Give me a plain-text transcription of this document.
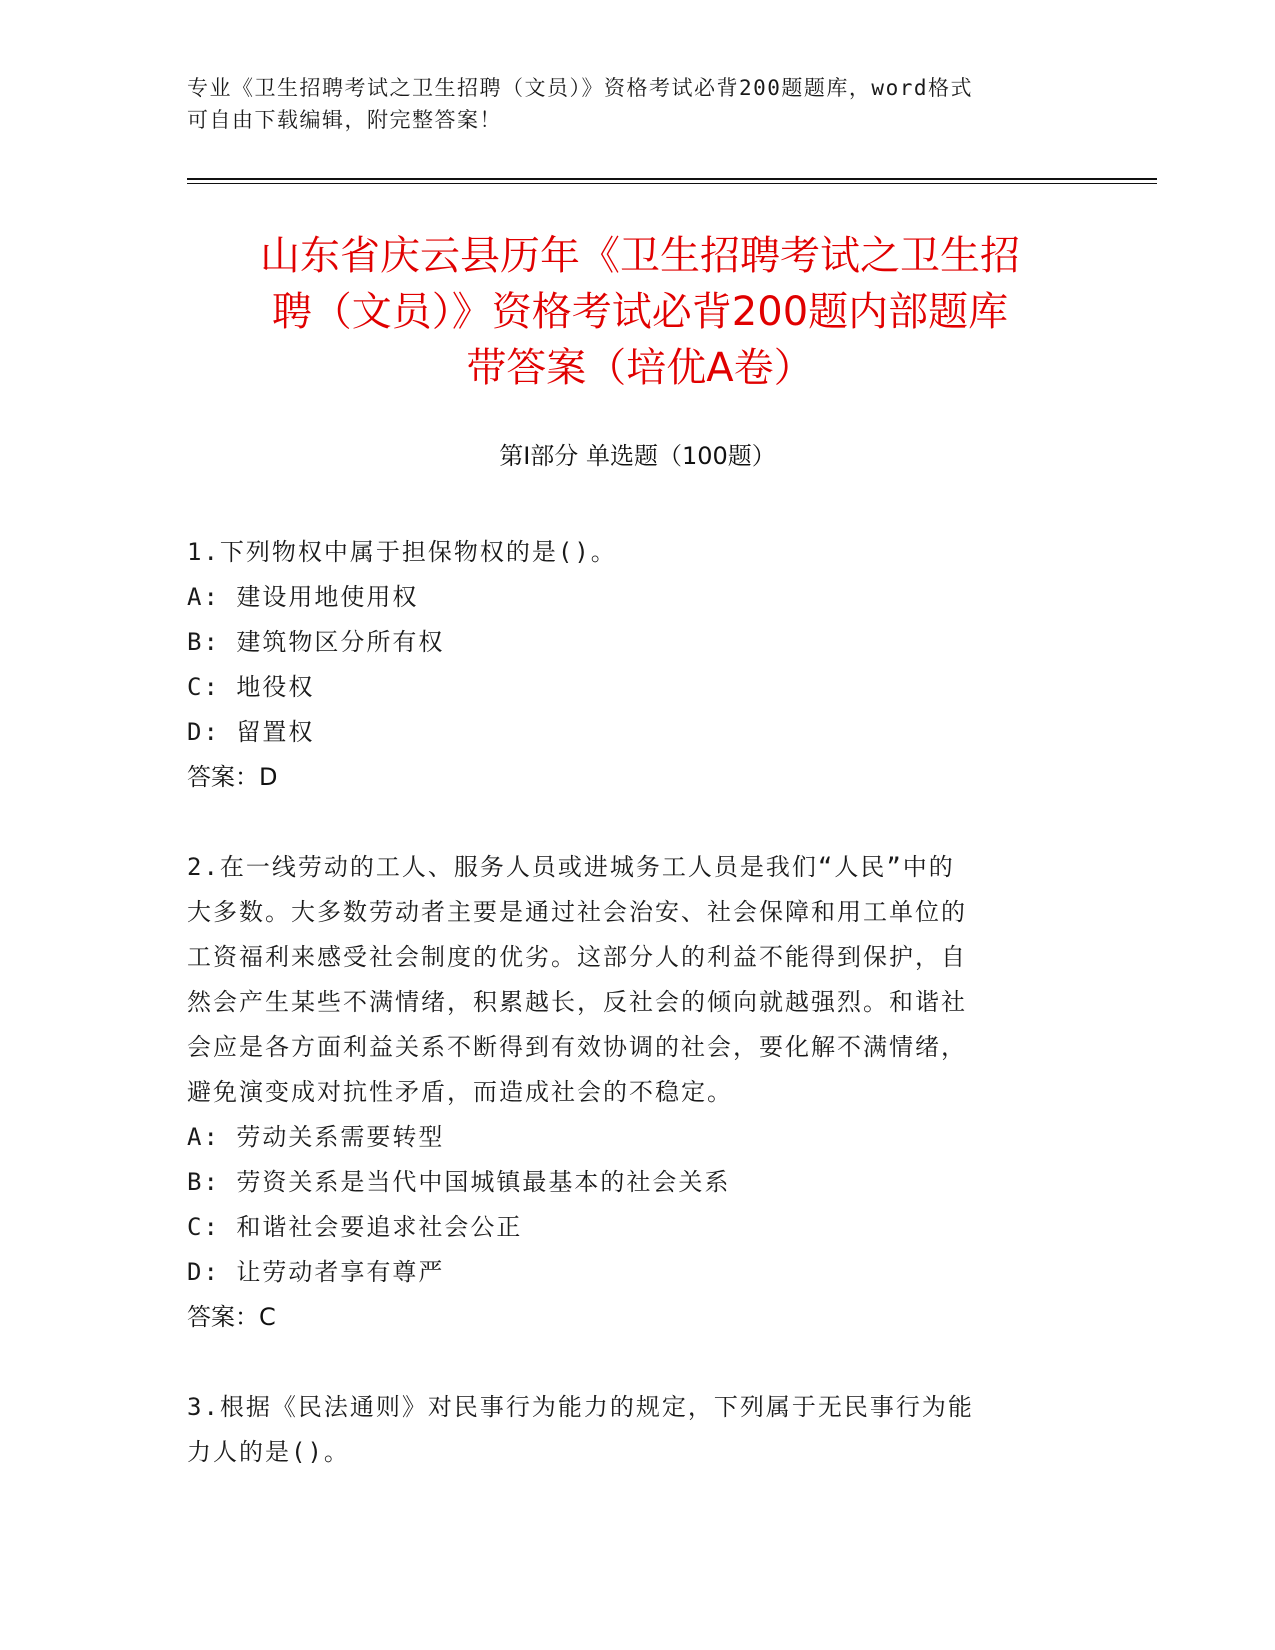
专业《卫生招聘考试之卫生招聘（文员）》资格考试必背200题题库，word格式
可自由下载编辑，附完整答案！
山东省庆云县历年《卫生招聘考试之卫生招
聘（文员）》资格考试必背200题内部题库
带答案（培优A卷）
第Ⅰ部分 单选题（100题）

1.下列物权中属于担保物权的是()。

A: 建设用地使用权

B: 建筑物区分所有权

C: 地役权

D: 留置权

答案：D

2.在一线劳动的工人、服务人员或进城务工人员是我们“人民”中的

大多数。大多数劳动者主要是通过社会治安、社会保障和用工单位的

工资福利来感受社会制度的优劣。这部分人的利益不能得到保护，自

然会产生某些不满情绪，积累越长，反社会的倾向就越强烈。和谐社

会应是各方面利益关系不断得到有效协调的社会，要化解不满情绪，

避免演变成对抗性矛盾，而造成社会的不稳定。

A: 劳动关系需要转型

B: 劳资关系是当代中国城镇最基本的社会关系

C: 和谐社会要追求社会公正

D: 让劳动者享有尊严

答案：C

3.根据《民法通则》对民事行为能力的规定，下列属于无民事行为能

力人的是()。
